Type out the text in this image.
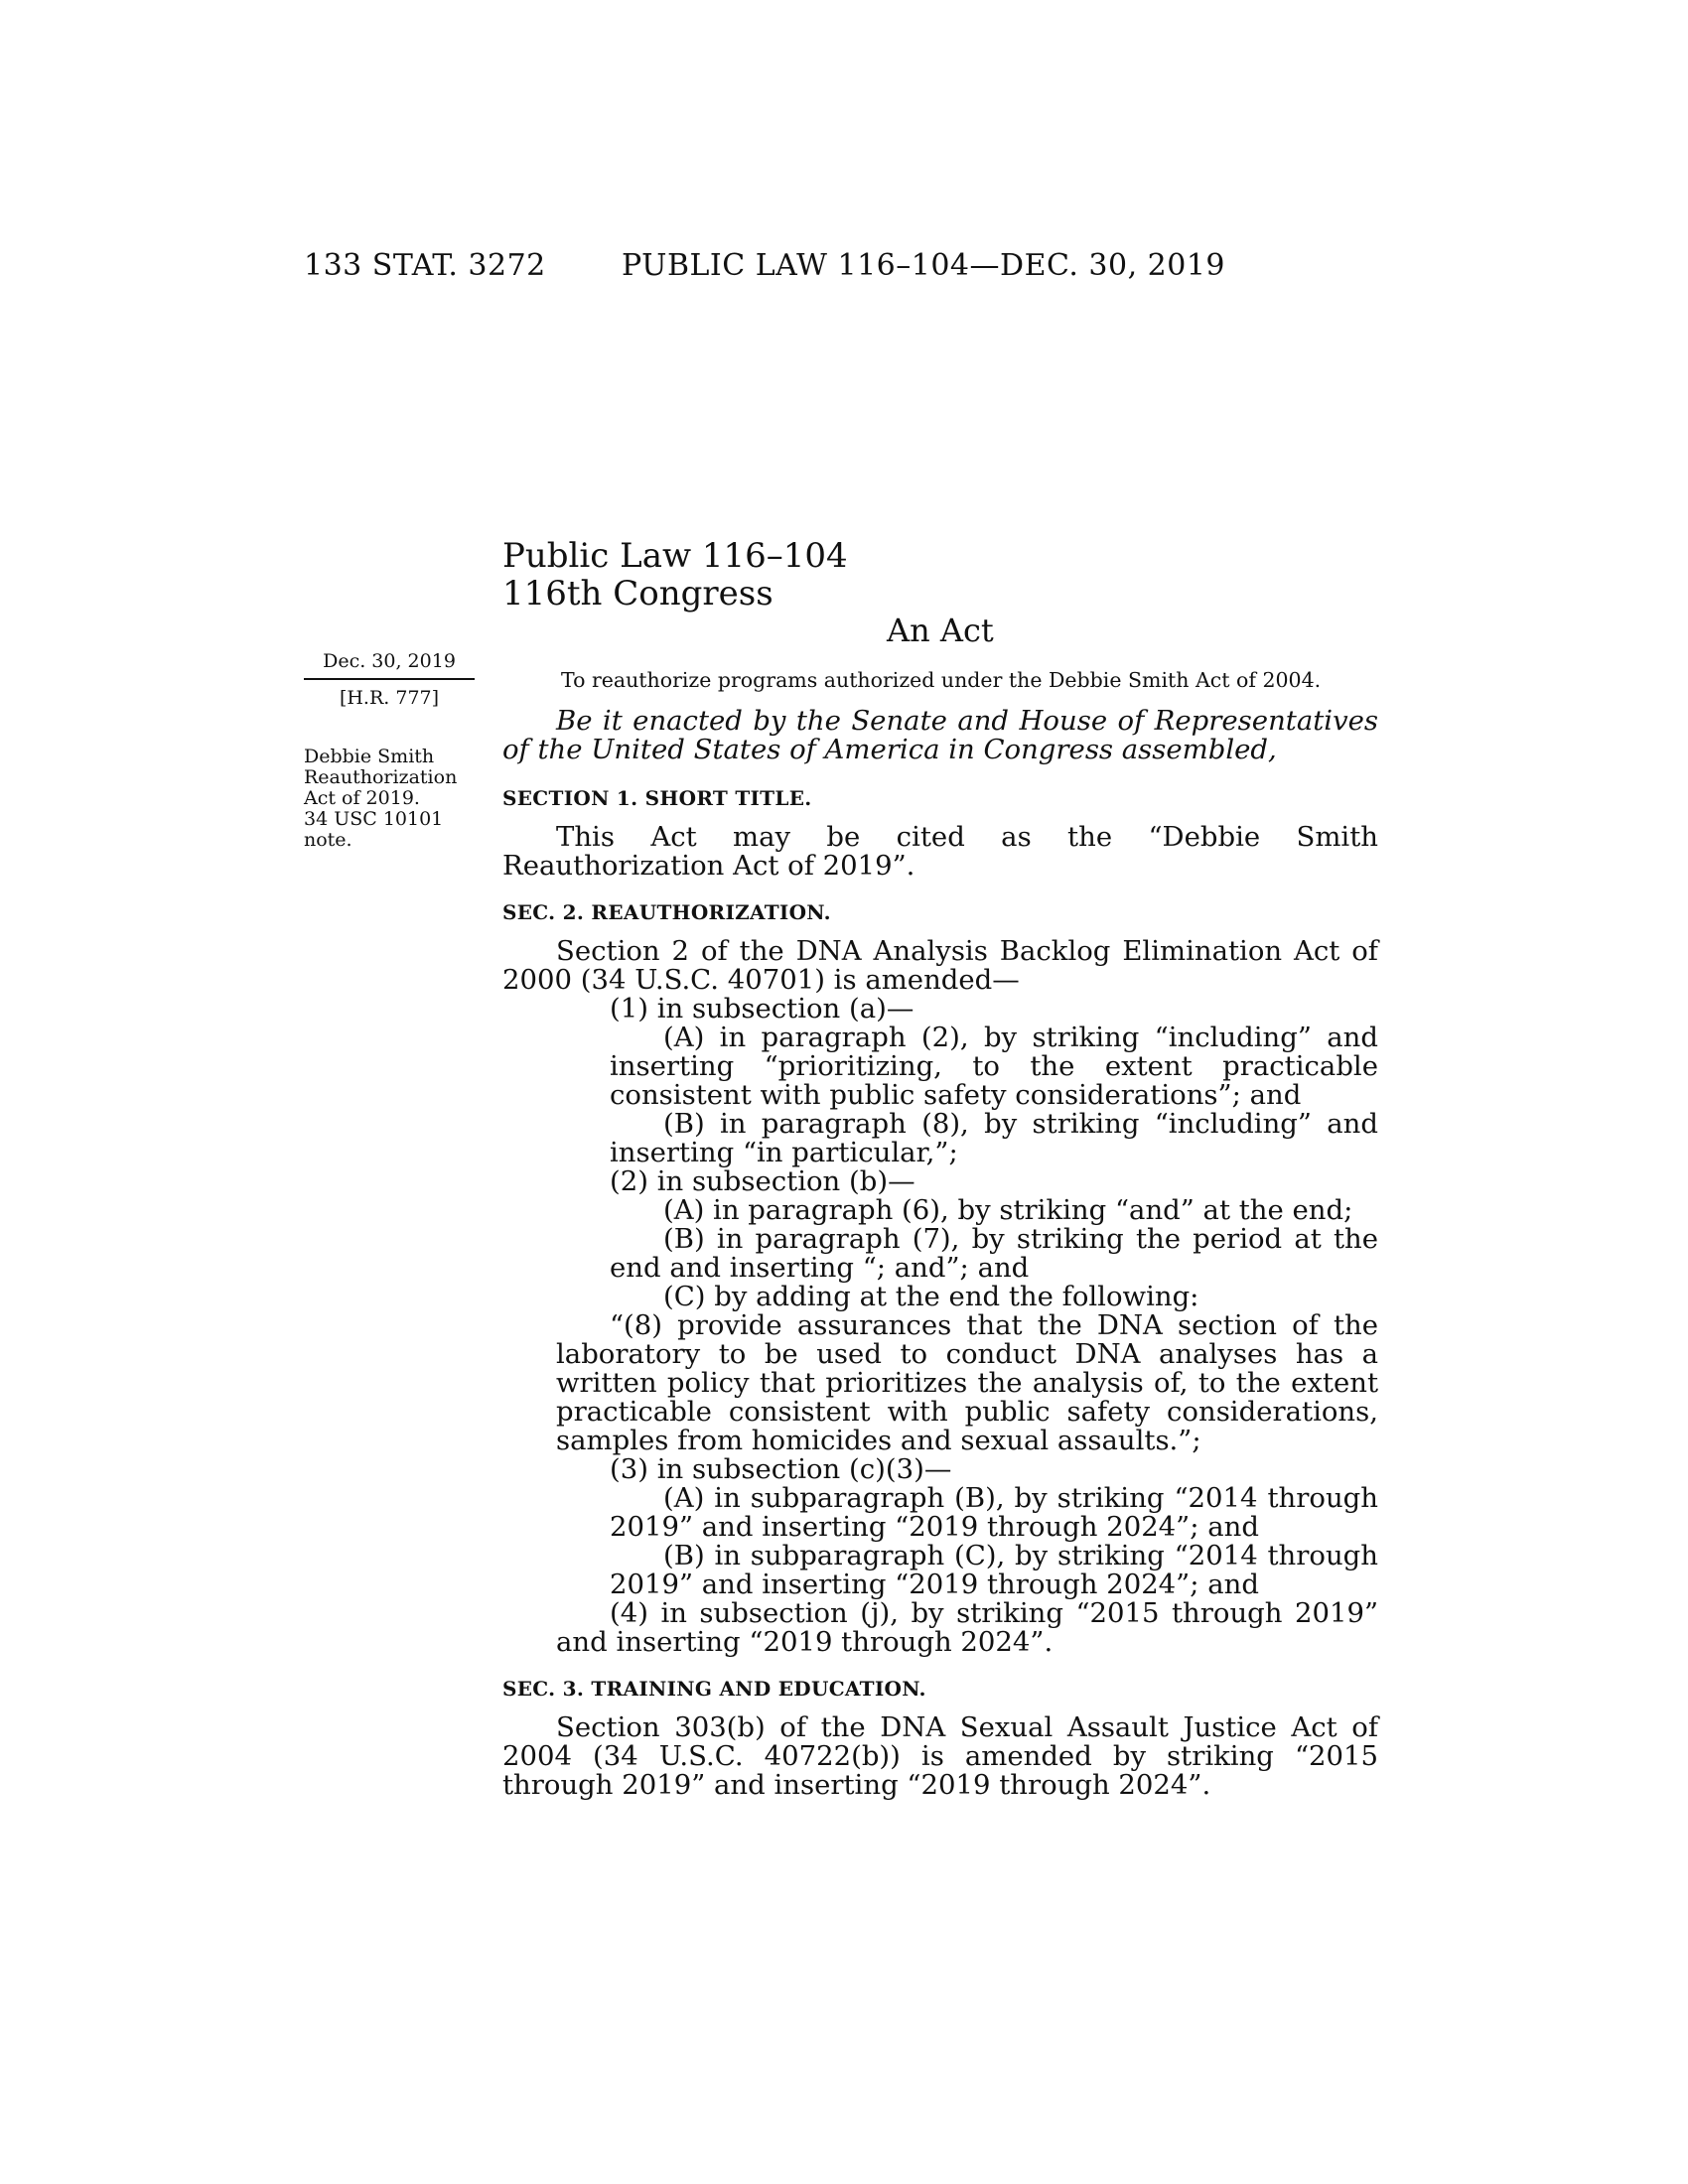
133 STAT. 3272	PUBLIC LAW 116–104—DEC. 30, 2019
Public Law 116–104
116th Congress
An Act
Dec. 30, 2019
[H.R. 777]
Debbie Smith
Reauthorization
Act of 2019.
34 USC 10101
note.
To reauthorize programs authorized under the Debbie Smith Act of 2004.

Be it enacted by the Senate and House of Representatives of the United States of America in Congress assembled,

SECTION 1. SHORT TITLE.

This Act may be cited as the “Debbie Smith Reauthorization Act of 2019”.

SEC. 2. REAUTHORIZATION.

Section 2 of the DNA Analysis Backlog Elimination Act of 2000 (34 U.S.C. 40701) is amended—

(1) in subsection (a)—

(A) in paragraph (2), by striking “including” and inserting “prioritizing, to the extent practicable consistent with public safety considerations”; and

(B) in paragraph (8), by striking “including” and inserting “in particular,”;

(2) in subsection (b)—

(A) in paragraph (6), by striking “and” at the end;

(B) in paragraph (7), by striking the period at the end and inserting “; and”; and

(C) by adding at the end the following:

“(8) provide assurances that the DNA section of the laboratory to be used to conduct DNA analyses has a written policy that prioritizes the analysis of, to the extent practicable consistent with public safety considerations, samples from homicides and sexual assaults.”;

(3) in subsection (c)(3)—

(A) in subparagraph (B), by striking “2014 through 2019” and inserting “2019 through 2024”; and

(B) in subparagraph (C), by striking “2014 through 2019” and inserting “2019 through 2024”; and

(4) in subsection (j), by striking “2015 through 2019” and inserting “2019 through 2024”.

SEC. 3. TRAINING AND EDUCATION.

Section 303(b) of the DNA Sexual Assault Justice Act of 2004 (34 U.S.C. 40722(b)) is amended by striking “2015 through 2019” and inserting “2019 through 2024”.
